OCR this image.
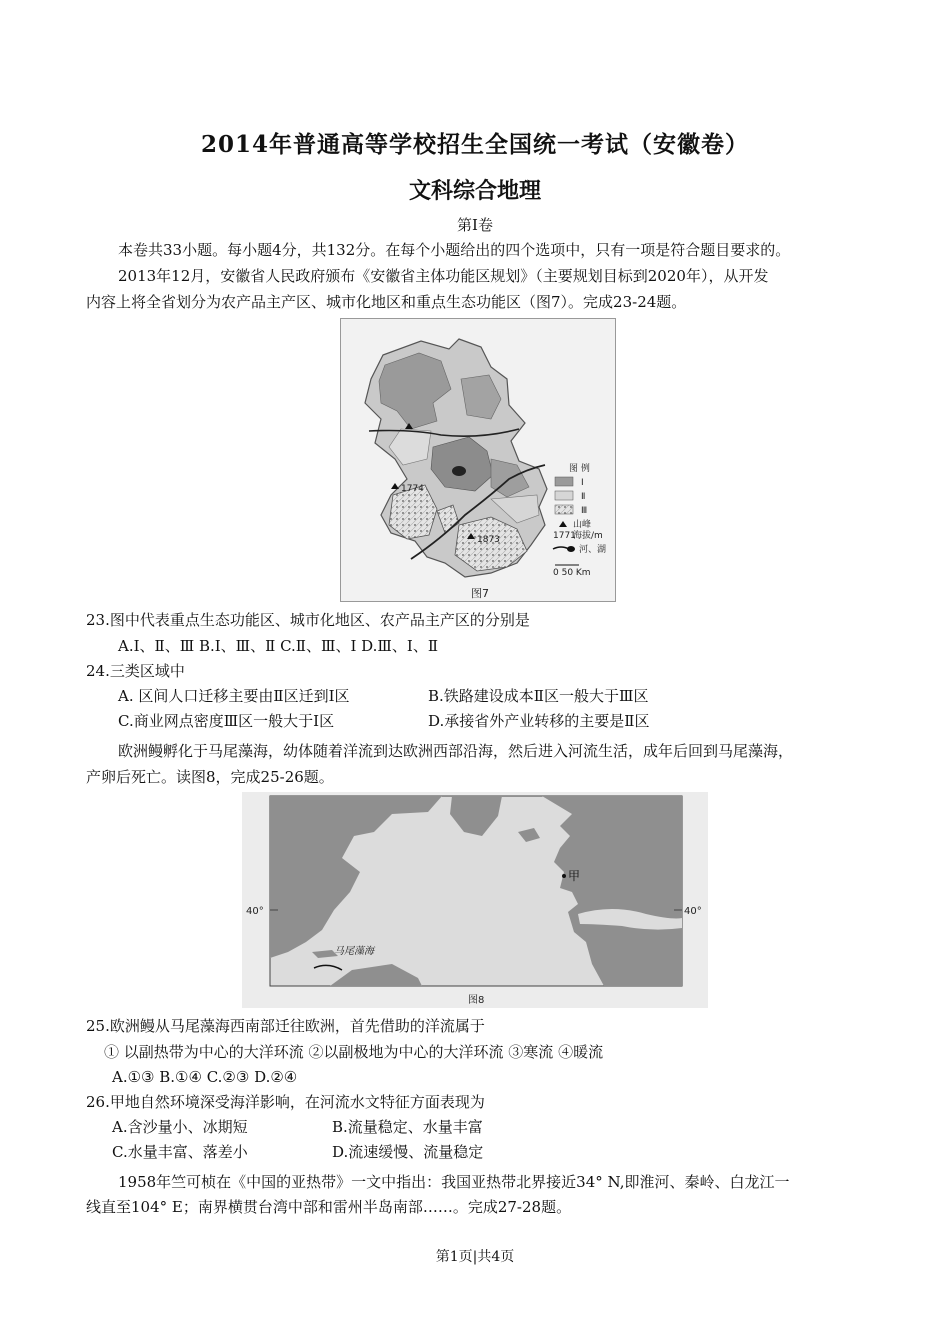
2014年普通高等学校招生全国统一考试（安徽卷）
文科综合地理
第Ⅰ卷
本卷共33小题。每小题4分，共132分。在每个小题给出的四个选项中，只有一项是符合题目要求的。
2013年12月，安徽省人民政府颁布《安徽省主体功能区规划》（主要规划目标到2020年），从开发
内容上将全省划分为农产品主产区、城市化地区和重点生态功能区（图7）。完成23-24题。
1774
1873
图 例
Ⅰ
Ⅱ
Ⅲ
山峰
1771
海拔/m
河、湖
0 50 Km
图7
23.图中代表重点生态功能区、城市化地区、农产品主产区的分别是
A.Ⅰ、Ⅱ、Ⅲ B.Ⅰ、Ⅲ、Ⅱ C.Ⅱ、Ⅲ、Ⅰ D.Ⅲ、Ⅰ、Ⅱ
24.三类区域中
A. 区间人口迁移主要由Ⅱ区迁到Ⅰ区	B.铁路建设成本Ⅱ区一般大于Ⅲ区
C.商业网点密度Ⅲ区一般大于Ⅰ区	D.承接省外产业转移的主要是Ⅱ区
欧洲鳗孵化于马尾藻海，幼体随着洋流到达欧洲西部沿海，然后进入河流生活，成年后回到马尾藻海，
产卵后死亡。读图8，完成25-26题。
40°	40°
甲
马尾藻海
图8
25.欧洲鳗从马尾藻海西南部迁往欧洲，首先借助的洋流属于
① 以副热带为中心的大洋环流 ②以副极地为中心的大洋环流 ③寒流 ④暖流
A.①③ B.①④ C.②③ D.②④
26.甲地自然环境深受海洋影响，在河流水文特征方面表现为
A.含沙量小、冰期短	B.流量稳定、水量丰富
C.水量丰富、落差小	D.流速缓慢、流量稳定
1958年竺可桢在《中国的亚热带》一文中指出：我国亚热带北界接近34° N,即淮河、秦岭、白龙江一
线直至104° E；南界横贯台湾中部和雷州半岛南部……。完成27-28题。
第1页|共4页
